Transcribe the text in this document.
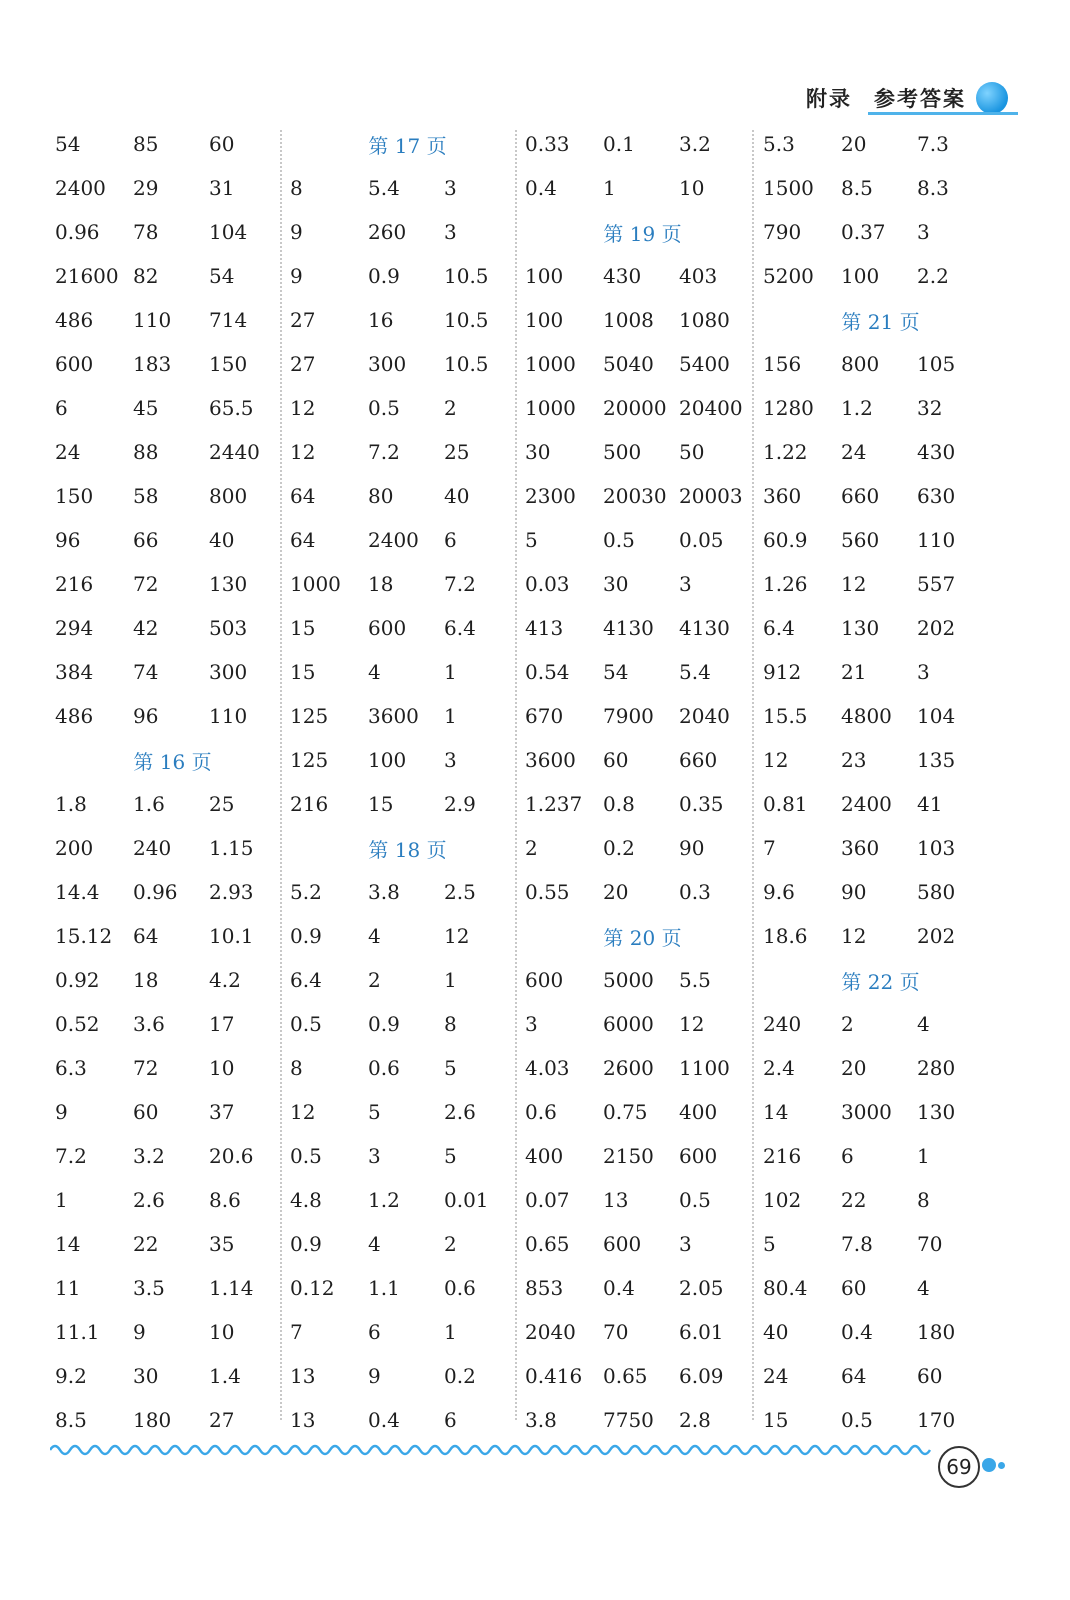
附录 参考答案
54	85	60
2400	29	31
0.96	78	104
21600 82	54
486	110	714
600	183	150
6	45	65.5
24	88	2440
150	58	800
96	66	40
216	72	130
294	42	503
384	74	300
486	96	110
第 16 页
1.8	1.6	25
200	240	1.15
14.4	0.96	2.93
15.12	64	10.1
0.92	18	4.2
0.52	3.6	17
6.3	72	10
9	60	37
7.2	3.2	20.6
1	2.6	8.6
14	22	35
11	3.5	1.14
11.1	9	10
9.2	30	1.4
8.5	180	27
第 17 页
8	5.4	3
9	260	3
9	0.9	10.5
27	16	10.5
27	300	10.5
12	0.5	2
12	7.2	25
64	80	40
64	2400	6
1000	18	7.2
15	600	6.4
15	4	1
125	3600	1
125	100	3
216	15	2.9
第 18 页
5.2	3.8	2.5
0.9	4	12
6.4	2	1
0.5	0.9	8
8	0.6	5
12	5	2.6
0.5	3	5
4.8	1.2	0.01
0.9	4	2
0.12	1.1	0.6
7	6	1
13	9	0.2
13	0.4	6
0.33	0.1	3.2
0.4	1	10
第 19 页
100	430	403
100	1008	1080
1000	5040	5400
1000	20000 20400
30	500	50
2300	20030 20003
5	0.5	0.05
0.03	30	3
413	4130	4130
0.54	54	5.4
670	7900	2040
3600	60	660
1.237	0.8	0.35
2	0.2	90
0.55	20	0.3
第 20 页
600	5000	5.5
3	6000	12
4.03	2600	1100
0.6	0.75	400
400	2150	600
0.07	13	0.5
0.65	600	3
853	0.4	2.05
2040	70	6.01
0.416	0.65	6.09
3.8	7750	2.8
5.3	20	7.3
1500	8.5	8.3
790	0.37	3
5200	100	2.2
第 21 页
156	800	105
1280	1.2	32
1.22	24	430
360	660	630
60.9	560	110
1.26	12	557
6.4	130	202
912	21	3
15.5	4800	104
12	23	135
0.81	2400	41
7	360	103
9.6	90	580
18.6	12	202
第 22 页
240	2	4
2.4	20	280
14	3000	130
216	6	1
102	22	8
5	7.8	70
80.4	60	4
40	0.4	180
24	64	60
15	0.5	170
69
